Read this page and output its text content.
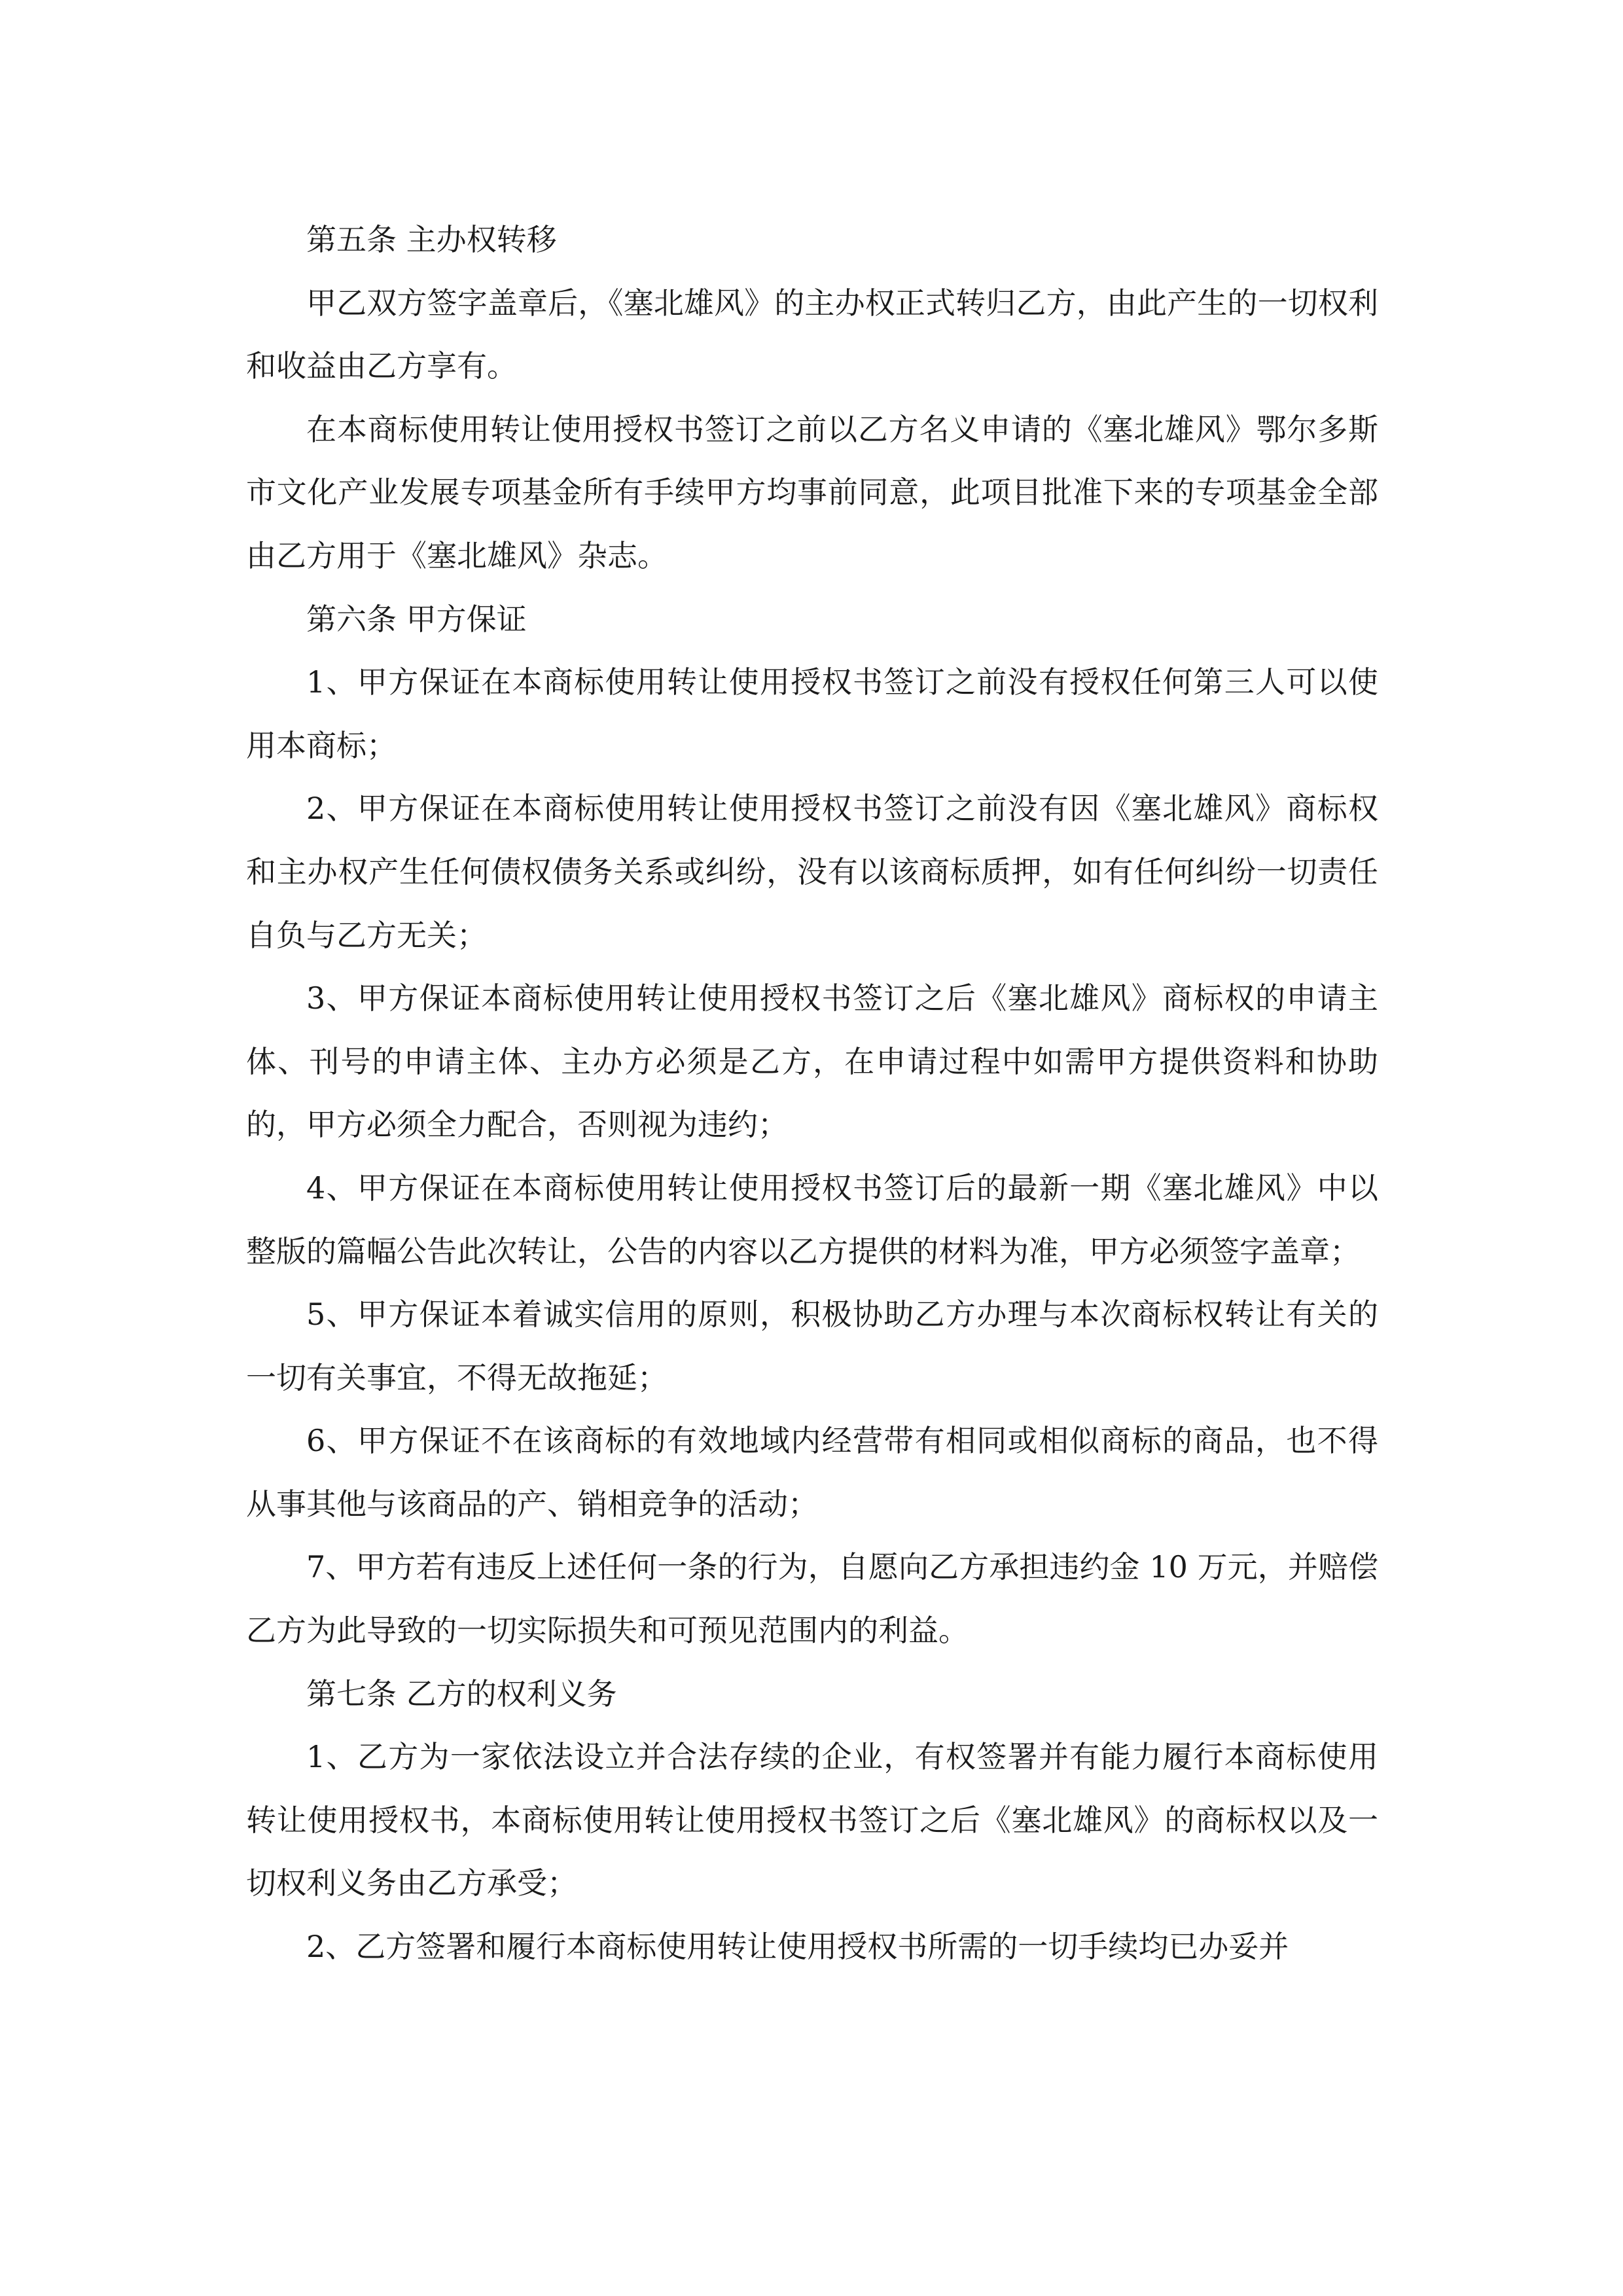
第五条 主办权转移

甲乙双方签字盖章后，《塞北雄风》的主办权正式转归乙方，由此产生的一切权利和收益由乙方享有。

在本商标使用转让使用授权书签订之前以乙方名义申请的《塞北雄风》鄂尔多斯市文化产业发展专项基金所有手续甲方均事前同意，此项目批准下来的专项基金全部由乙方用于《塞北雄风》杂志。

第六条 甲方保证

1、甲方保证在本商标使用转让使用授权书签订之前没有授权任何第三人可以使用本商标；

2、甲方保证在本商标使用转让使用授权书签订之前没有因《塞北雄风》商标权和主办权产生任何债权债务关系或纠纷，没有以该商标质押，如有任何纠纷一切责任自负与乙方无关；

3、甲方保证本商标使用转让使用授权书签订之后《塞北雄风》商标权的申请主体、刊号的申请主体、主办方必须是乙方，在申请过程中如需甲方提供资料和协助的，甲方必须全力配合，否则视为违约；

4、甲方保证在本商标使用转让使用授权书签订后的最新一期《塞北雄风》中以整版的篇幅公告此次转让，公告的内容以乙方提供的材料为准，甲方必须签字盖章；

5、甲方保证本着诚实信用的原则，积极协助乙方办理与本次商标权转让有关的一切有关事宜，不得无故拖延；

6、甲方保证不在该商标的有效地域内经营带有相同或相似商标的商品，也不得从事其他与该商品的产、销相竞争的活动；

7、甲方若有违反上述任何一条的行为，自愿向乙方承担违约金 10 万元，并赔偿乙方为此导致的一切实际损失和可预见范围内的利益。

第七条 乙方的权利义务

1、乙方为一家依法设立并合法存续的企业，有权签署并有能力履行本商标使用转让使用授权书，本商标使用转让使用授权书签订之后《塞北雄风》的商标权以及一切权利义务由乙方承受；

2、乙方签署和履行本商标使用转让使用授权书所需的一切手续均已办妥并
